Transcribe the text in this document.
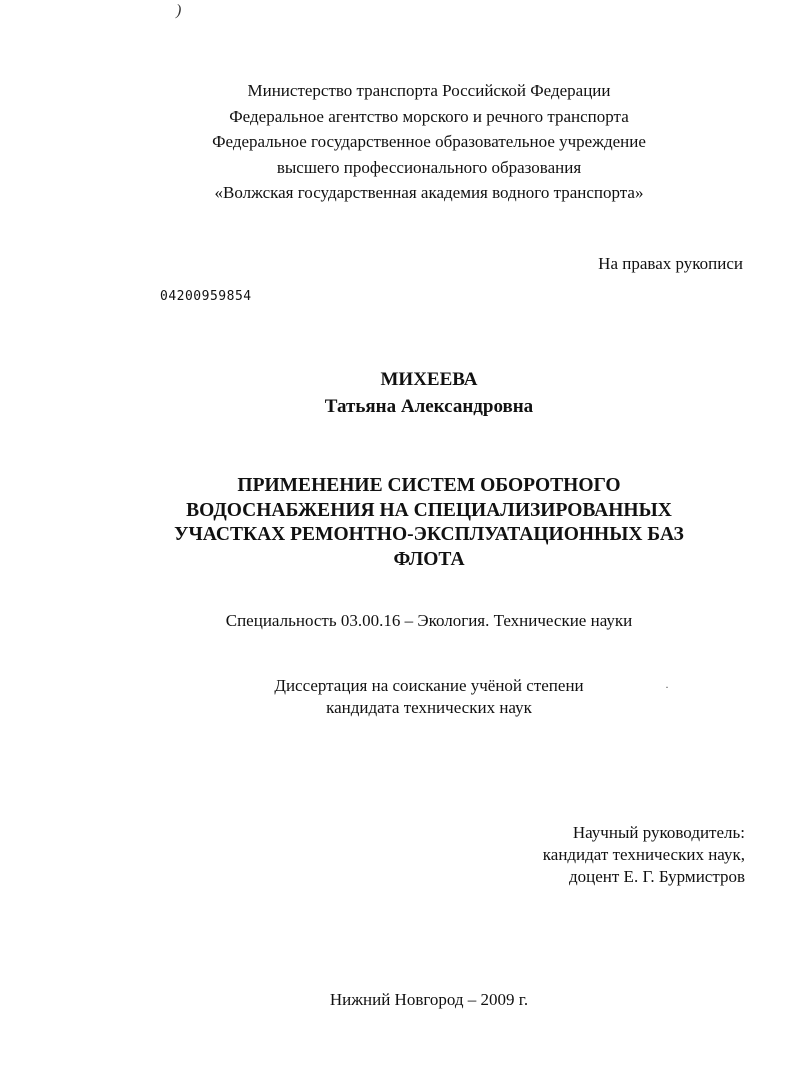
)
Министерство транспорта Российской Федерации
Федеральное агентство морского и речного транспорта
Федеральное государственное образовательное учреждение
высшего профессионального образования
«Волжская государственная академия водного транспорта»
На правах рукописи
04200959854
МИХЕЕВА
Татьяна Александровна
ПРИМЕНЕНИЕ СИСТЕМ ОБОРОТНОГО
ВОДОСНАБЖЕНИЯ НА СПЕЦИАЛИЗИРОВАННЫХ
УЧАСТКАХ РЕМОНТНО-ЭКСПЛУАТАЦИОННЫХ БАЗ
ФЛОТА
Специальность 03.00.16 – Экология. Технические науки
Диссертация на соискание учёной степени
кандидата технических наук
·
Научный руководитель:
кандидат технических наук,
доцент Е. Г. Бурмистров
Нижний Новгород – 2009 г.
